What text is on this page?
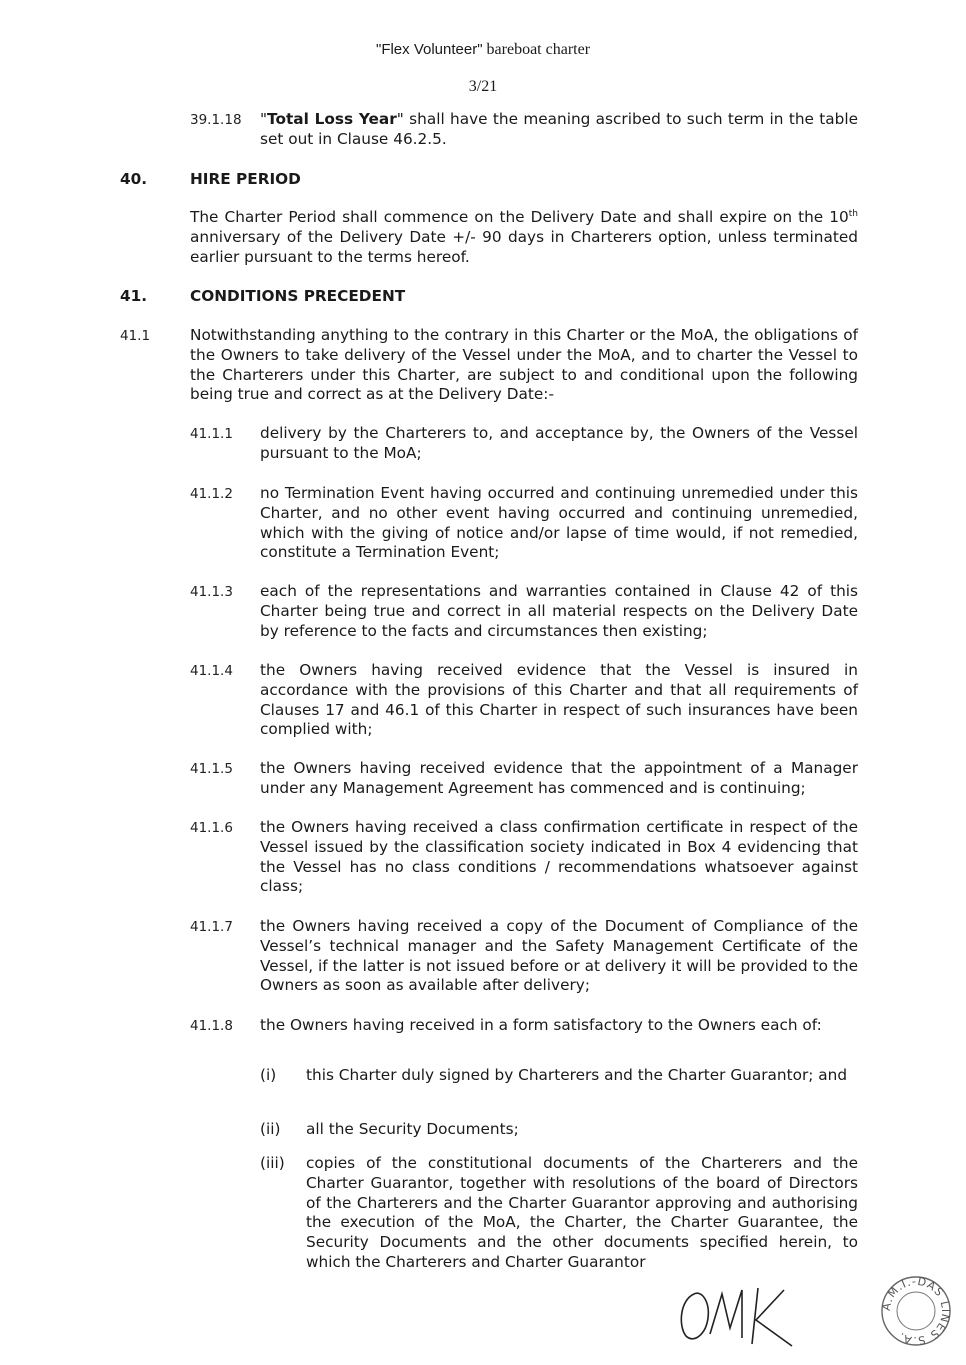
"Flex Volunteer" bareboat charter
3/21
39.1.18 "Total Loss Year" shall have the meaning ascribed to such term in the table set out in Clause 46.2.5.
40.	HIRE PERIOD
The Charter Period shall commence on the Delivery Date and shall expire on the 10th anniversary of the Delivery Date +/- 90 days in Charterers option, unless terminated earlier pursuant to the terms hereof.
41.	CONDITIONS PRECEDENT
41.1	Notwithstanding anything to the contrary in this Charter or the MoA, the obligations of the Owners to take delivery of the Vessel under the MoA, and to charter the Vessel to the Charterers under this Charter, are subject to and conditional upon the following being true and correct as at the Delivery Date:-
41.1.1 delivery by the Charterers to, and acceptance by, the Owners of the Vessel pursuant to the MoA;
41.1.2 no Termination Event having occurred and continuing unremedied under this Charter, and no other event having occurred and continuing unremedied, which with the giving of notice and/or lapse of time would, if not remedied, constitute a Termination Event;
41.1.3 each of the representations and warranties contained in Clause 42 of this Charter being true and correct in all material respects on the Delivery Date by reference to the facts and circumstances then existing;
41.1.4 the Owners having received evidence that the Vessel is insured in accordance with the provisions of this Charter and that all requirements of Clauses 17 and 46.1 of this Charter in respect of such insurances have been complied with;
41.1.5 the Owners having received evidence that the appointment of a Manager under any Management Agreement has commenced and is continuing;
41.1.6 the Owners having received a class confirmation certificate in respect of the Vessel issued by the classification society indicated in Box 4 evidencing that the Vessel has no class conditions / recommendations whatsoever against class;
41.1.7 the Owners having received a copy of the Document of Compliance of the Vessel’s technical manager and the Safety Management Certificate of the Vessel, if the latter is not issued before or at delivery it will be provided to the Owners as soon as available after delivery;
41.1.8 the Owners having received in a form satisfactory to the Owners each of:
(i) this Charter duly signed by Charterers and the Charter Guarantor; and
(ii) all the Security Documents;
(iii) copies of the constitutional documents of the Charterers and the Charter Guarantor, together with resolutions of the board of Directors of the Charterers and the Charter Guarantor approving and authorising the execution of the MoA, the Charter, the Charter Guarantee, the Security Documents and the other documents specified herein, to which the Charterers and Charter Guarantor
A.M.I.-DAS LINES S.A.
